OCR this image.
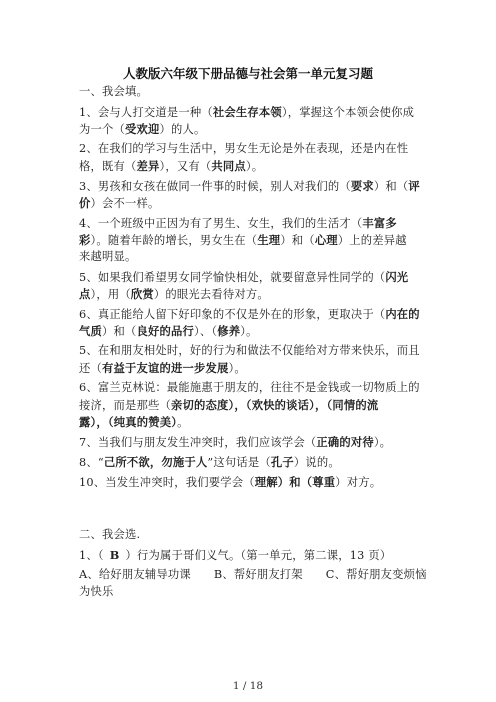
人教版六年级下册品德与社会第一单元复习题
一、我会填。
1、会与人打交道是一种（社会生存本领），掌握这个本领会使你成
为一个（受欢迎）的人。
2、在我们的学习与生活中，男女生无论是外在表现，还是内在性
格，既有（差异），又有（共同点）。
3、男孩和女孩在做同一件事的时候，别人对我们的（要求）和（评
价）会不一样。
4、一个班级中正因为有了男生、女生，我们的生活才（丰富多
彩）。随着年龄的增长，男女生在（生理）和（心理）上的差异越
来越明显。
5、如果我们希望男女同学愉快相处，就要留意异性同学的（闪光
点），用（欣赏）的眼光去看待对方。
6、真正能给人留下好印象的不仅是外在的形象，更取决于（内在的
气质）和（良好的品行）、（修养）。
5、在和朋友相处时，好的行为和做法不仅能给对方带来快乐，而且
还（有益于友谊的进一步发展）。
6、富兰克林说：最能施惠于朋友的，往往不是金钱或一切物质上的
接济，而是那些（亲切的态度），（欢快的谈话），（同情的流
露），（纯真的赞美）。
7、当我们与朋友发生冲突时，我们应该学会（正确的对待）。
8、“己所不欲，勿施于人”这句话是（孔子）说的。
10、当发生冲突时，我们要学会（理解）和（尊重）对方。
二、我会选.
1、（ B ）行为属于哥们义气。（第一单元，第二课，13 页）
A、给好朋友辅导功课　　B、帮好朋友打架　　C、帮好朋友变烦恼
为快乐
1 / 18
